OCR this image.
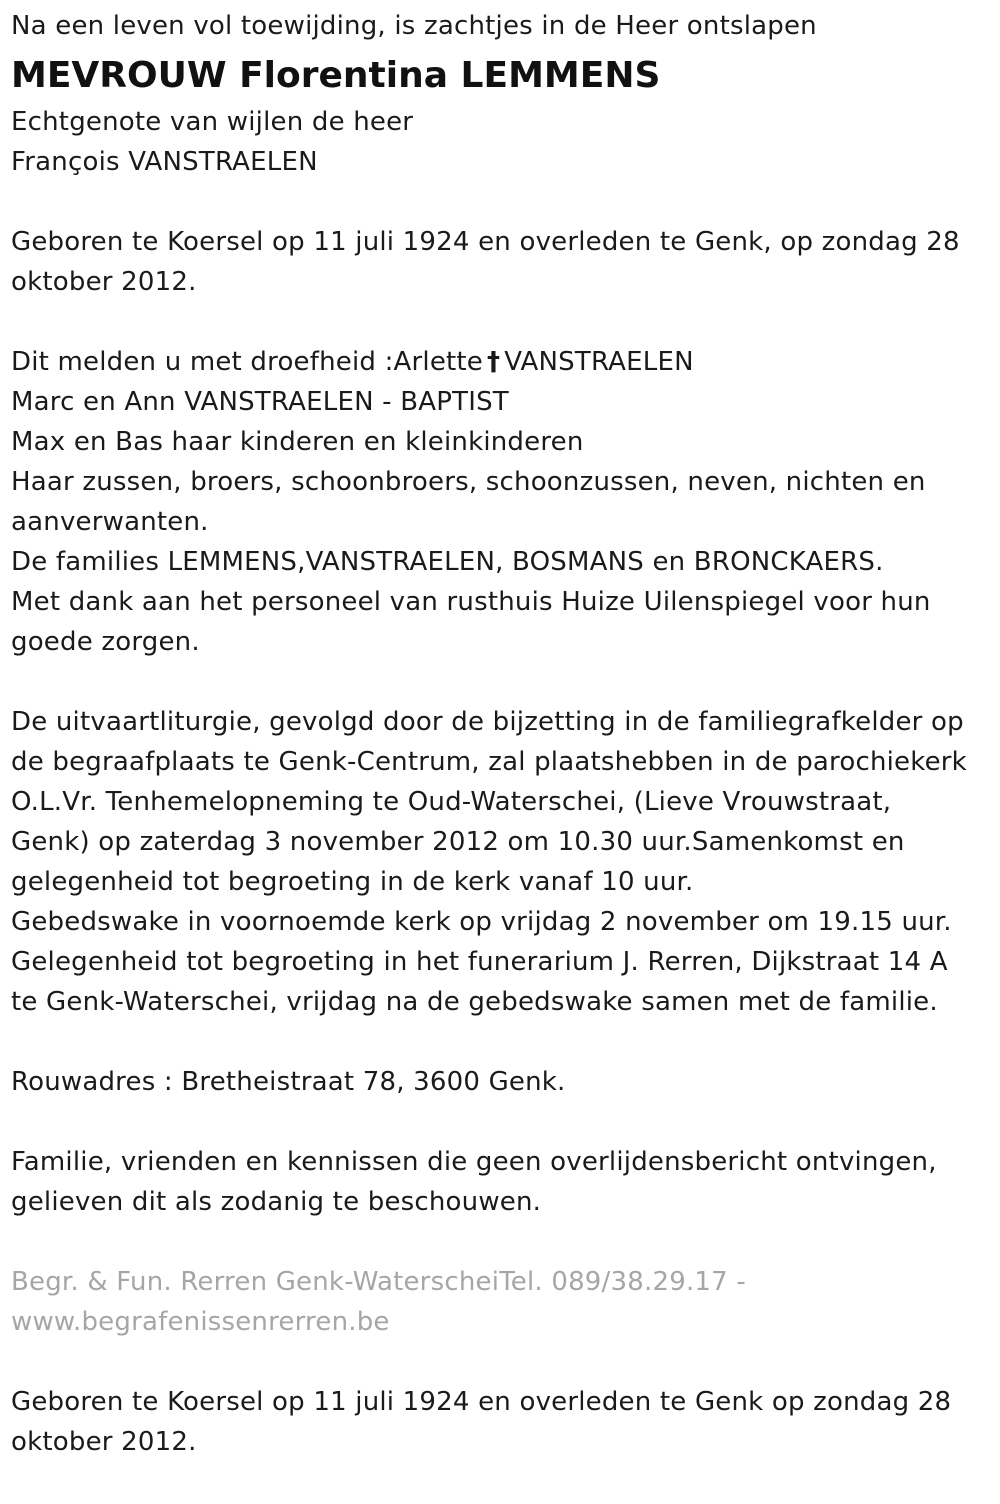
Na een leven vol toewijding, is zachtjes in de Heer ontslapen
MEVROUW Florentina LEMMENS
Echtgenote van wijlen de heer
François VANSTRAELEN
Geboren te Koersel op 11 juli 1924 en overleden te Genk, op zondag 28
oktober 2012.
Dit melden u met droefheid :Arlette † VANSTRAELEN
Marc en Ann VANSTRAELEN - BAPTIST
Max en Bas haar kinderen en kleinkinderen
Haar zussen, broers, schoonbroers, schoonzussen, neven, nichten en
aanverwanten.
De families LEMMENS,VANSTRAELEN, BOSMANS en BRONCKAERS.
Met dank aan het personeel van rusthuis Huize Uilenspiegel voor hun
goede zorgen.
De uitvaartliturgie, gevolgd door de bijzetting in de familiegrafkelder op
de begraafplaats te Genk-Centrum, zal plaatshebben in de parochiekerk
O.L.Vr. Tenhemelopneming te Oud-Waterschei, (Lieve Vrouwstraat,
Genk) op zaterdag 3 november 2012 om 10.30 uur.Samenkomst en
gelegenheid tot begroeting in de kerk vanaf 10 uur.
Gebedswake in voornoemde kerk op vrijdag 2 november om 19.15 uur.
Gelegenheid tot begroeting in het funerarium J. Rerren, Dijkstraat 14 A
te Genk-Waterschei, vrijdag na de gebedswake samen met de familie.
Rouwadres : Bretheistraat 78, 3600 Genk.
Familie, vrienden en kennissen die geen overlijdensbericht ontvingen,
gelieven dit als zodanig te beschouwen.
Begr. & Fun. Rerren Genk-WaterscheiTel. 089/38.29.17 -
www.begrafenissenrerren.be
Geboren te Koersel op 11 juli 1924 en overleden te Genk op zondag 28
oktober 2012.
